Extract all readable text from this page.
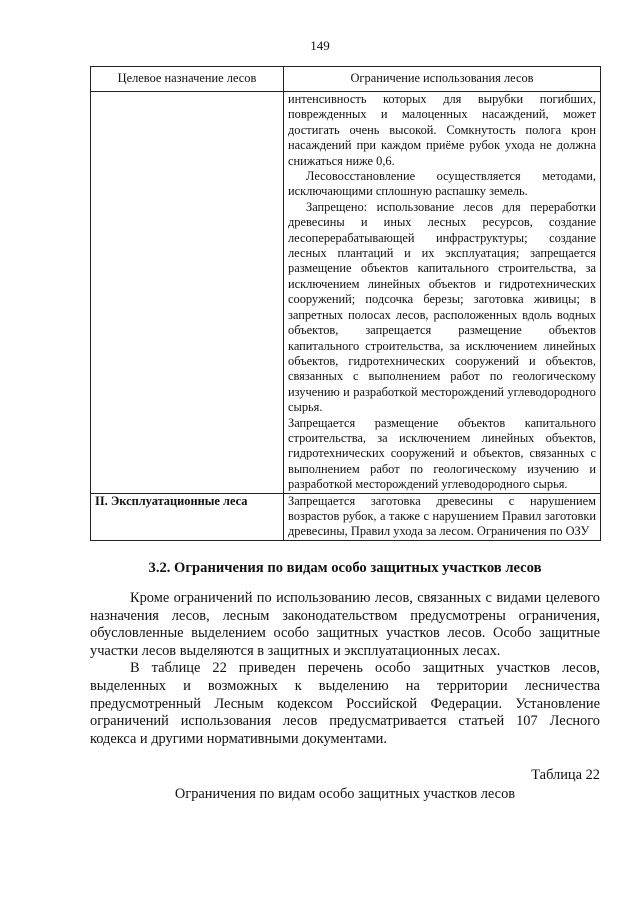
149
Целевое назначение лесов	Ограничение использования лесов

	интенсивность которых для вырубки погибших, поврежденных и малоценных насаждений, может достигать очень высокой. Сомкнутость полога крон насаждений при каждом приёме рубок ухода не должна снижаться ниже 0,6.

Лесовосстановление осуществляется методами, исключающими сплошную распашку земель.

Запрещено: использование лесов для переработки древесины и иных лесных ресурсов, создание лесоперерабатывающей инфраструктуры; создание лесных плантаций и их эксплуатация; запрещается размещение объектов капитального строительства, за исключением линейных объектов и гидротехнических сооружений; подсочка березы; заготовка живицы; в запретных полосах лесов, расположенных вдоль водных объектов, запрещается размещение объектов капитального строительства, за исключением линейных объектов, гидротехнических сооружений и объектов, связанных с выполнением работ по геологическому изучению и разработкой месторождений углеводородного сырья.

Запрещается размещение объектов капитального строительства, за исключением линейных объектов, гидротехнических сооружений и объектов, связанных с выполнением работ по геологическому изучению и разработкой месторождений углеводородного сырья.

II. Эксплуатационные леса	Запрещается заготовка древесины с нарушением возрастов рубок, а также с нарушением Правил заготовки древесины, Правил ухода за лесом. Ограничения по ОЗУ

3.2. Ограничения по видам особо защитных участков лесов

Кроме ограничений по использованию лесов, связанных с видами целевого назначения лесов, лесным законодательством предусмотрены ограничения, обусловленные выделением особо защитных участков лесов. Особо защитные участки лесов выделяются в защитных и эксплуатационных лесах.

В таблице 22 приведен перечень особо защитных участков лесов, выделенных и возможных к выделению на территории лесничества предусмотренный Лесным кодексом Российской Федерации. Установление ограничений использования лесов предусматривается статьей 107 Лесного кодекса и другими нормативными документами.

Таблица 22
Ограничения по видам особо защитных участков лесов
